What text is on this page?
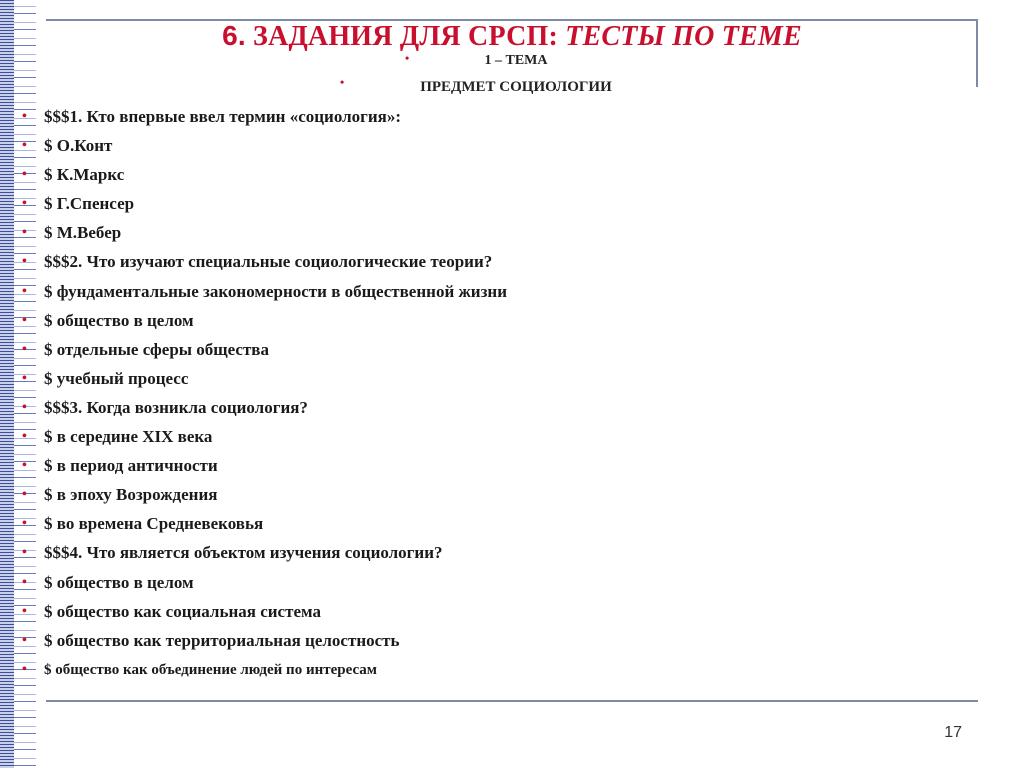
6. ЗАДАНИЯ ДЛЯ СРСП: ТЕСТЫ ПО ТЕМЕ
•	1 – ТЕМА
•	ПРЕДМЕТ СОЦИОЛОГИИ
• $$$1. Кто впервые ввел термин «социология»:
• $ О.Конт
• $ К.Маркс
• $ Г.Спенсер
• $ М.Вебер
• $$$2. Что изучают специальные социологические теории?
• $ фундаментальные закономерности в общественной жизни
• $ общество в целом
• $ отдельные сферы общества
• $ учебный процесс
• $$$3. Когда возникла социология?
• $ в середине XIX века
• $ в период античности
• $ в эпоху Возрождения
• $ во времена Средневековья
• $$$4. Что является объектом изучения социологии?
• $ общество в целом
• $ общество как социальная система
• $ общество как территориальная целостность
• $ общество как объединение людей по интересам
17
